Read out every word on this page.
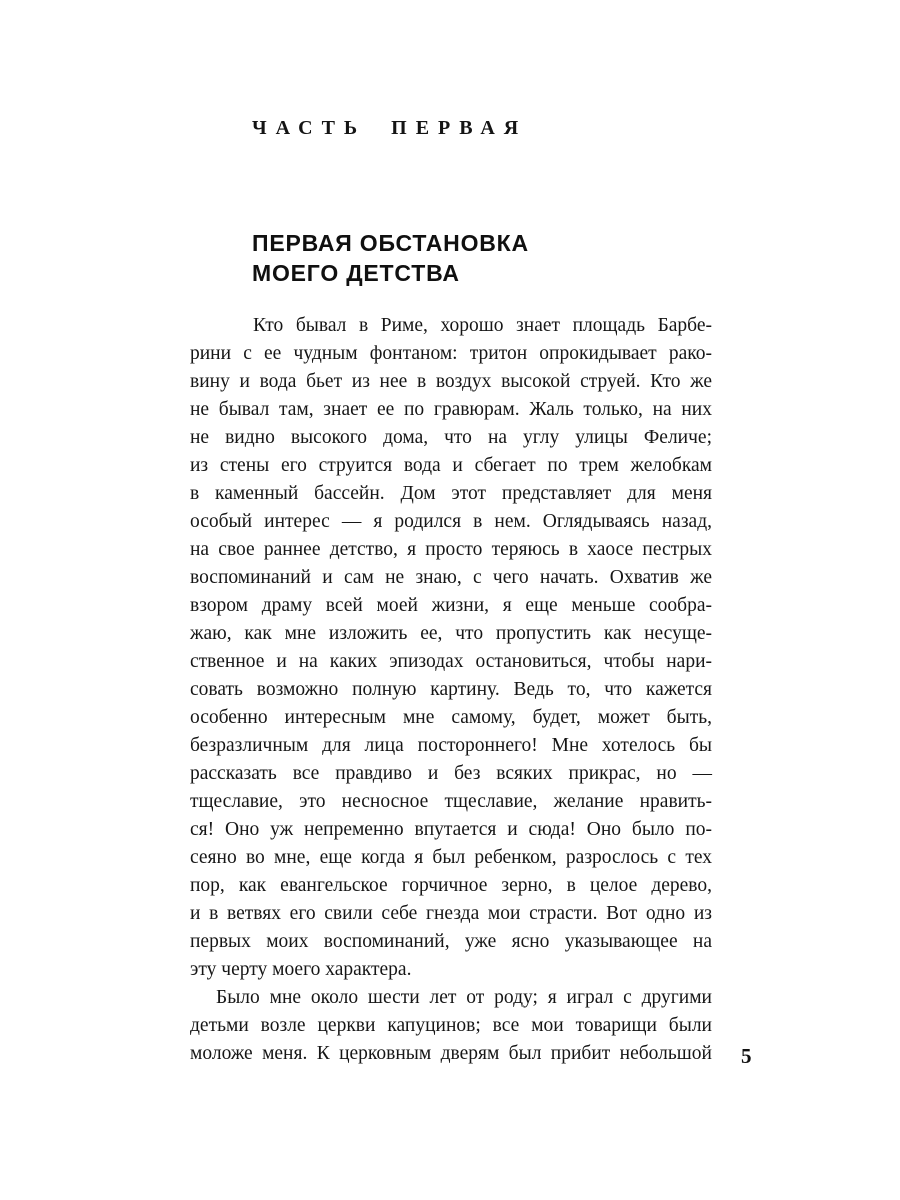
ЧАСТЬ ПЕРВАЯ
ПЕРВАЯ ОБСТАНОВКА
МОЕГО ДЕТСТВА
Кто бывал в Риме, хорошо знает площадь Барбе-
рини с ее чудным фонтаном: тритон опрокидывает рако-
вину и вода бьет из нее в воздух высокой струей. Кто же
не бывал там, знает ее по гравюрам. Жаль только, на них
не видно высокого дома, что на углу улицы Феличе;
из стены его струится вода и сбегает по трем желобкам
в каменный бассейн. Дом этот представляет для меня
особый интерес — я родился в нем. Оглядываясь назад,
на свое раннее детство, я просто теряюсь в хаосе пестрых
воспоминаний и сам не знаю, с чего начать. Охватив же
взором драму всей моей жизни, я еще меньше сообра-
жаю, как мне изложить ее, что пропустить как несуще-
ственное и на каких эпизодах остановиться, чтобы нари-
совать возможно полную картину. Ведь то, что кажется
особенно интересным мне самому, будет, может быть,
безразличным для лица постороннего! Мне хотелось бы
рассказать все правдиво и без всяких прикрас, но —
тщеславие, это несносное тщеславие, желание нравить-
ся! Оно уж непременно впутается и сюда! Оно было по-
сеяно во мне, еще когда я был ребенком, разрослось с тех
пор, как евангельское горчичное зерно, в целое дерево,
и в ветвях его свили себе гнезда мои страсти. Вот одно из
первых моих воспоминаний, уже ясно указывающее на
эту черту моего характера.
Было мне около шести лет от роду; я играл с другими
детьми возле церкви капуцинов; все мои товарищи были
моложе меня. К церковным дверям был прибит небольшой 5
